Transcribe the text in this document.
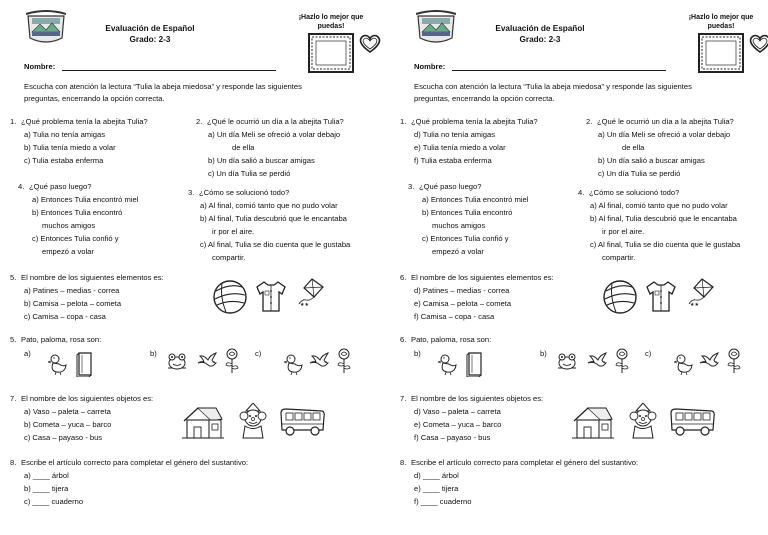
Evaluación de Español
Grado: 2-3
¡Hazlo lo mejor que puedas!
Nombre:
Escucha con atención la lectura “Tulia la abeja miedosa” y responde las siguientes
preguntas, encerrando la opción correcta.
1. ¿Qué problema tenía la abejita Tulia?
a) Tulia no tenía amigas
b) Tulia tenía miedo a volar
c) Tulia estaba enferma
4. ¿Qué paso luego?
a) Entonces Tulia encontró miel
b) Entonces Tulia encontró
muchos amigos
c) Entonces Tulia confió y
empezó a volar
2. ¿Qué le ocurrió un día a la abejita Tulia?
a) Un día Meli se ofreció a volar debajo
de ella
b) Un día salió a buscar amigas
c) Un día Tulia se perdió
3. ¿Cómo se solucionó todo?
a) Al final, comió tanto que no pudo volar
b) Al final, Tulia descubrió que le encantaba
ir por el aire.
c) Al final, Tulia se dio cuenta que le gustaba
compartir.
5. El nombre de los siguientes elementos es:
a) Patines – medias - correa
b) Camisa – pelota – cometa
c) Camisa – copa - casa
★★
5. Pato, paloma, rosa son:
a)	b)	c)
7. El nombre de los siguientes objetos es:
a) Vaso – paleta – carreta
b) Cometa – yuca – barco
c) Casa – payaso - bus
8. Escribe el artículo correcto para completar el género del sustantivo:
a) ____ árbol
b) ____ tijera
c) ____ cuaderno
Evaluación de Español
Grado: 2-3
¡Hazlo lo mejor que puedas!
Nombre:
Escucha con atención la lectura “Tulia la abeja miedosa” y responde las siguientes
preguntas, encerrando la opción correcta.
1. ¿Qué problema tenía la abejita Tulia?
d) Tulia no tenía amigas
e) Tulia tenía miedo a volar
f) Tulia estaba enferma
3. ¿Qué paso luego?
a) Entonces Tulia encontró miel
b) Entonces Tulia encontró
muchos amigos
c) Entonces Tulia confió y
empezó a volar
2. ¿Qué le ocurrió un día a la abejita Tulia?
a) Un día Meli se ofreció a volar debajo
de ella
b) Un día salió a buscar amigas
c) Un día Tulia se perdió
4. ¿Cómo se solucionó todo?
a) Al final, comió tanto que no pudo volar
b) Al final, Tulia descubrió que le encantaba
ir por el aire.
c) Al final, Tulia se dio cuenta que le gustaba
compartir.
6. El nombre de los siguientes elementos es:
d) Patines – medias - correa
e) Camisa – pelota – cometa
f) Camisa – copa - casa
★★
6. Pato, paloma, rosa son:
b)	b)	c)
7. El nombre de los siguientes objetos es:
d) Vaso – paleta – carreta
e) Cometa – yuca – barco
f) Casa – payaso - bus
8. Escribe el artículo correcto para completar el género del sustantivo:
d) ____ árbol
e) ____ tijera
f) ____ cuaderno
